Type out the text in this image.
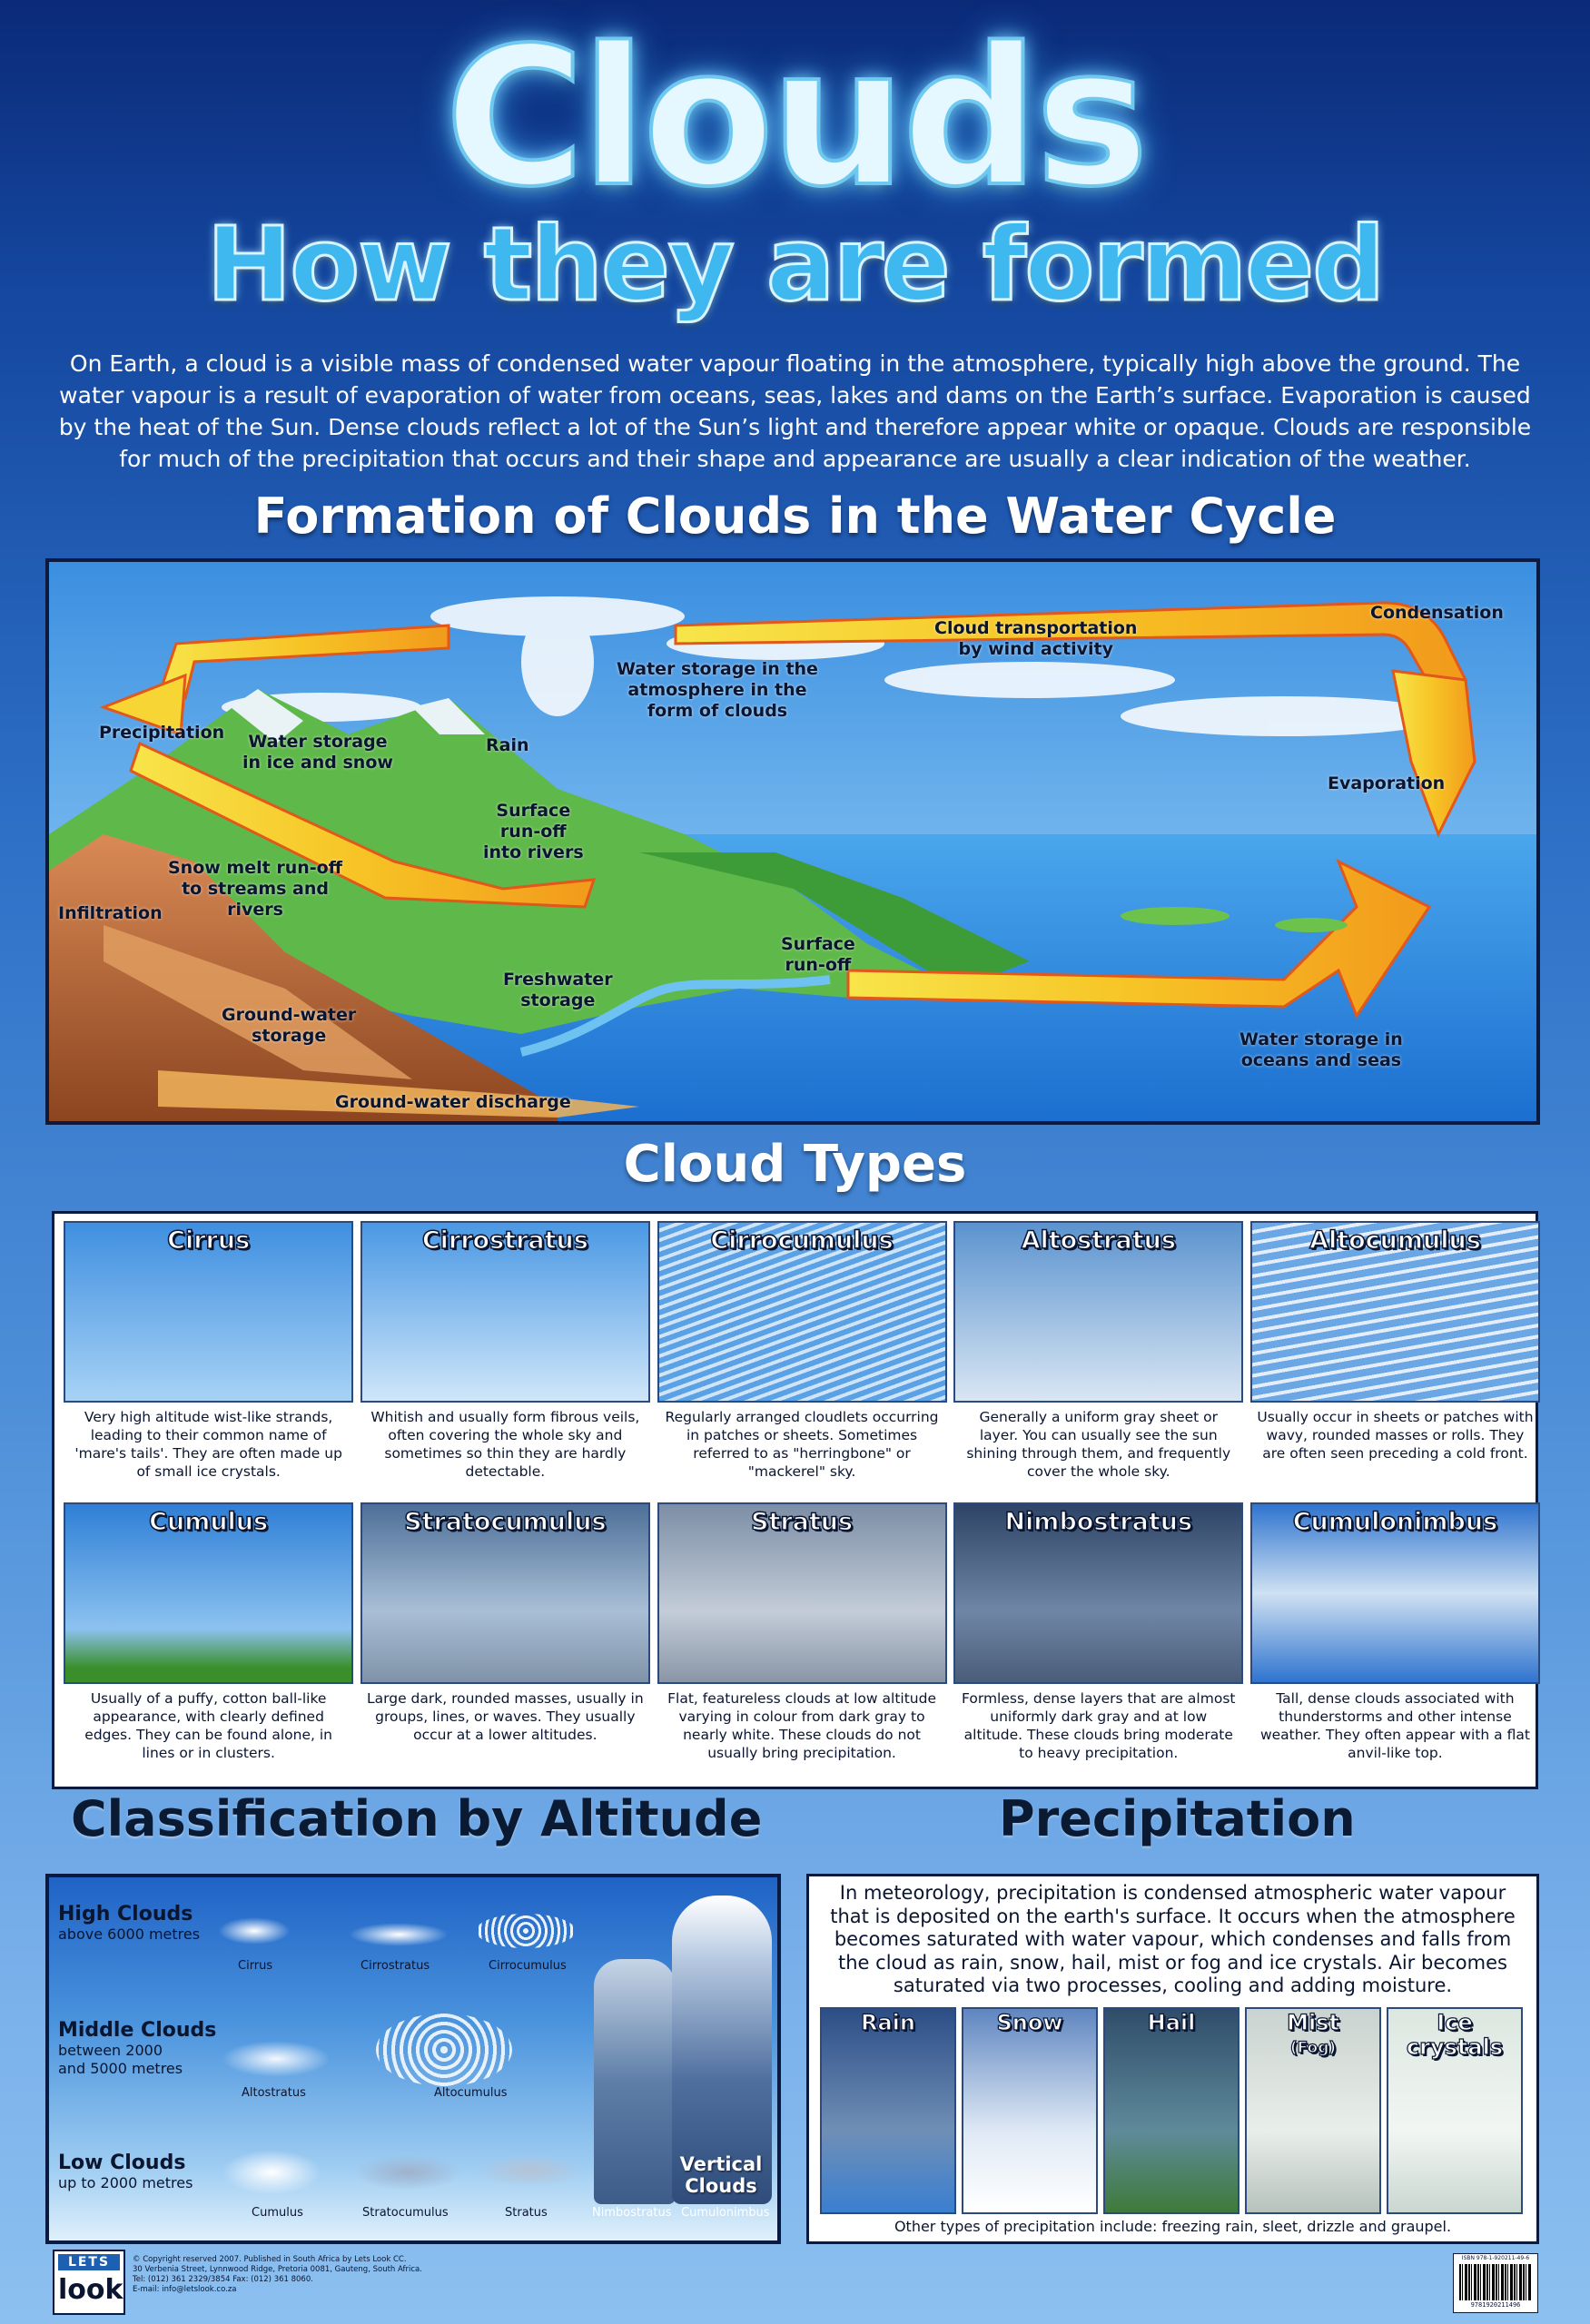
Clouds
How they are formed
On Earth, a cloud is a visible mass of condensed water vapour floating in the atmosphere, typically high above the ground. The water vapour is a result of evaporation of water from oceans, seas, lakes and dams on the Earth’s surface. Evaporation is caused by the heat of the Sun. Dense clouds reflect a lot of the Sun’s light and therefore appear white or opaque. Clouds are responsible for much of the precipitation that occurs and their shape and appearance are usually a clear indication of the weather.
Formation of Clouds in the Water Cycle
Cloud transportation
by wind activity
Condensation
Water storage in the
atmosphere in the
form of clouds
Precipitation	Water storage
in ice and snow
Rain
Evaporation
Surface
run-off
into rivers
Snow melt run-off
to streams and
rivers
Infiltration
Surface
run-off
Freshwater
storage
Ground-water
storage	Water storage in
oceans and seas
Ground-water discharge
Cloud Types
Cirrus
Very high altitude wist-like strands, leading to their common name of 'mare's tails'. They are often made up of small ice crystals.
Cirrostratus
Whitish and usually form fibrous veils, often covering the whole sky and sometimes so thin they are hardly detectable.
Cirrocumulus
Regularly arranged cloudlets occurring in patches or sheets. Sometimes referred to as "herringbone" or "mackerel" sky.
Altostratus
Generally a uniform gray sheet or layer. You can usually see the sun shining through them, and frequently cover the whole sky.
Altocumulus
Usually occur in sheets or patches with wavy, rounded masses or rolls. They are often seen preceding a cold front.
Cumulus
Usually of a puffy, cotton ball-like appearance, with clearly defined edges. They can be found alone, in lines or in clusters.
Stratocumulus
Large dark, rounded masses, usually in groups, lines, or waves. They usually occur at a lower altitudes.
Stratus
Flat, featureless clouds at low altitude varying in colour from dark gray to nearly white. These clouds do not usually bring precipitation.
Nimbostratus
Formless, dense layers that are almost uniformly dark gray and at low altitude. These clouds bring moderate to heavy precipitation.
Cumulonimbus
Tall, dense clouds associated with thunderstorms and other intense weather. They often appear with a flat anvil-like top.
Classification by Altitude
High Clouds
above 6000 metres
Middle Clouds
between 2000
and 5000 metres
Low Clouds
up to 2000 metres
Cirrus	Cirrostratus	Cirrocumulus
Altostratus	Altocumulus
Cumulus	Stratocumulus	Stratus	Nimbostratus Cumulonimbus
Vertical
Clouds
Precipitation
In meteorology, precipitation is condensed atmospheric water vapour that is deposited on the earth's surface. It occurs when the atmosphere becomes saturated with water vapour, which condenses and falls from the cloud as rain, snow, hail, mist or fog and ice crystals. Air becomes saturated via two processes, cooling and adding moisture.
Rain	Snow	Hail	Mist
(Fog)
Ice
crystals
Other types of precipitation include: freezing rain, sleet, drizzle and graupel.
LETS
look
© Copyright reserved 2007. Published in South Africa by Lets Look CC.
30 Verbenia Street, Lynnwood Ridge, Pretoria 0081, Gauteng, South Africa.
Tel: (012) 361 2329/3854 Fax: (012) 361 8060.
E-mail: info@letslook.co.za
ISBN 978-1-920211-49-6
9781920211496
